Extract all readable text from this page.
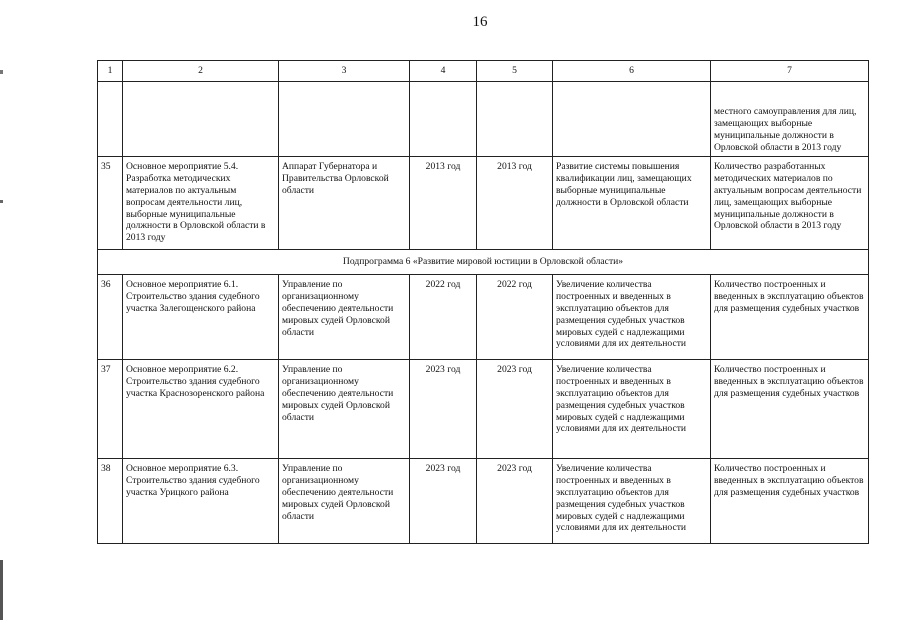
16
1	2	3	4	5	6	7
						местного самоуправления для лиц, замещающих выборные муниципальные должности в Орловской области в 2013 году
35	Основное мероприятие 5.4. Разработка методических материалов по актуальным вопросам деятельности лиц, выборные муниципальные должности в Орловской области в 2013 году	Аппарат Губернатора и Правительства Орловской области	2013 год	2013 год	Развитие системы повышения квалификации лиц, замещающих выборные муниципальные должности в Орловской области	Количество разработанных методических материалов по актуальным вопросам деятельности лиц, замещающих выборные муниципальные должности в Орловской области в 2013 году
Подпрограмма 6 «Развитие мировой юстиции в Орловской области»						
36	Основное мероприятие 6.1. Строительство здания судебного участка Залегощенского района	Управление по организационному обеспечению деятельности мировых судей Орловской области	2022 год	2022 год	Увеличение количества построенных и введенных в эксплуатацию объектов для размещения судебных участков мировых судей с надлежащими условиями для их деятельности	Количество построенных и введенных в эксплуатацию объектов для размещения судебных участков
37	Основное мероприятие 6.2. Строительство здания судебного участка Краснозоренского района	Управление по организационному обеспечению деятельности мировых судей Орловской области	2023 год	2023 год	Увеличение количества построенных и введенных в эксплуатацию объектов для размещения судебных участков мировых судей с надлежащими условиями для их деятельности	Количество построенных и введенных в эксплуатацию объектов для размещения судебных участков
38	Основное мероприятие 6.3. Строительство здания судебного участка Урицкого района	Управление по организационному обеспечению деятельности мировых судей Орловской области	2023 год	2023 год	Увеличение количества построенных и введенных в эксплуатацию объектов для размещения судебных участков мировых судей с надлежащими условиями для их деятельности	Количество построенных и введенных в эксплуатацию объектов для размещения судебных участков
